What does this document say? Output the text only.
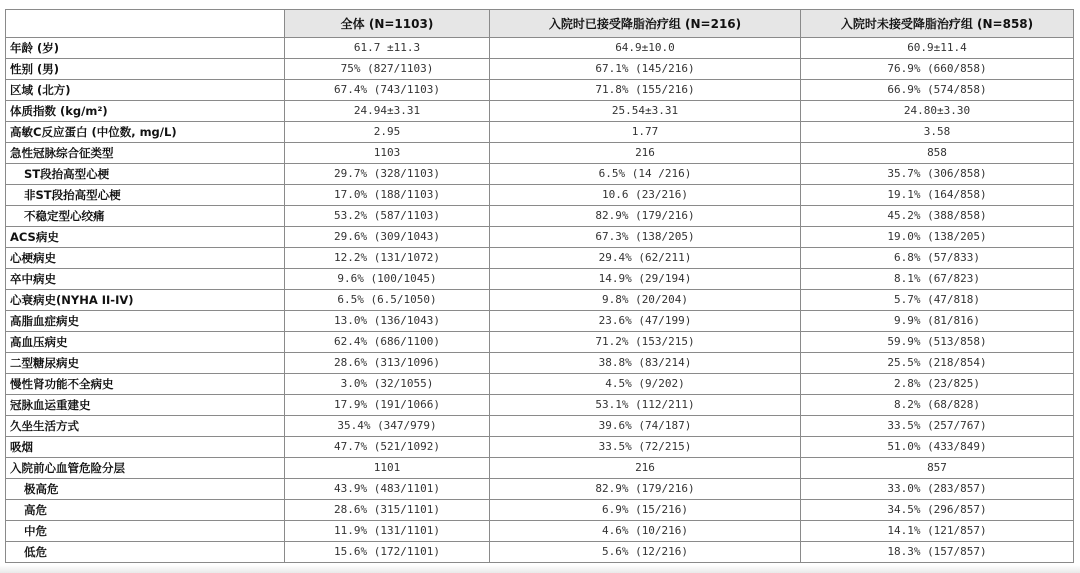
	全体 (N=1103)	入院时已接受降脂治疗组 (N=216)	入院时未接受降脂治疗组 (N=858)
年龄 (岁)	61.7 ±11.3	64.9±10.0	60.9±11.4
性别 (男)	75% (827/1103)	67.1% (145/216)	76.9% (660/858)
区域 (北方)	67.4% (743/1103)	71.8% (155/216)	66.9% (574/858)
体质指数 (kg/m²)	24.94±3.31	25.54±3.31	24.80±3.30
高敏C反应蛋白 (中位数, mg/L)	2.95	1.77	3.58
急性冠脉综合征类型	1103	216	858
ST段抬高型心梗	29.7% (328/1103)	6.5% (14 /216)	35.7% (306/858)
非ST段抬高型心梗	17.0% (188/1103)	10.6 (23/216)	19.1% (164/858)
不稳定型心绞痛	53.2% (587/1103)	82.9% (179/216)	45.2% (388/858)
ACS病史	29.6% (309/1043)	67.3% (138/205)	19.0% (138/205)
心梗病史	12.2% (131/1072)	29.4% (62/211)	6.8% (57/833)
卒中病史	9.6% (100/1045)	14.9% (29/194)	8.1% (67/823)
心衰病史(NYHA II-IV)	6.5% (6.5/1050)	9.8% (20/204)	5.7% (47/818)
高脂血症病史	13.0% (136/1043)	23.6% (47/199)	9.9% (81/816)
高血压病史	62.4% (686/1100)	71.2% (153/215)	59.9% (513/858)
二型糖尿病史	28.6% (313/1096)	38.8% (83/214)	25.5% (218/854)
慢性肾功能不全病史	3.0% (32/1055)	4.5% (9/202)	2.8% (23/825)
冠脉血运重建史	17.9% (191/1066)	53.1% (112/211)	8.2% (68/828)
久坐生活方式	35.4% (347/979)	39.6% (74/187)	33.5% (257/767)
吸烟	47.7% (521/1092)	33.5% (72/215)	51.0% (433/849)
入院前心血管危险分层	1101	216	857
极高危	43.9% (483/1101)	82.9% (179/216)	33.0% (283/857)
高危	28.6% (315/1101)	6.9% (15/216)	34.5% (296/857)
中危	11.9% (131/1101)	4.6% (10/216)	14.1% (121/857)
低危	15.6% (172/1101)	5.6% (12/216)	18.3% (157/857)
